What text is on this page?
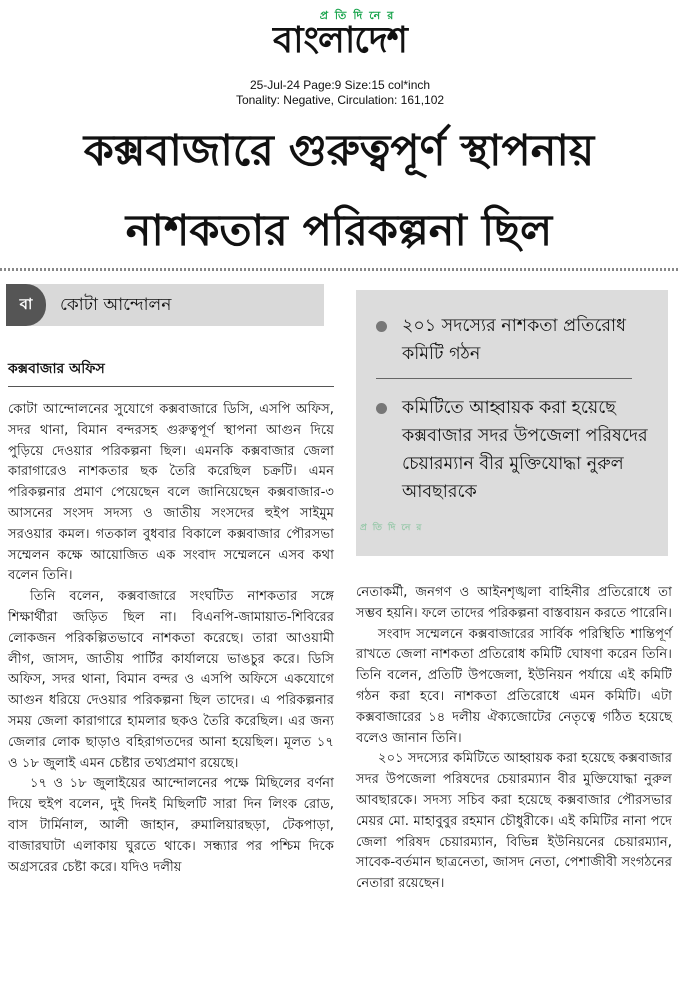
প্রতিদিনের
বাংলাদেশ
25-Jul-24 Page:9 Size:15 col*inch
Tonality: Negative, Circulation: 161,102
কক্সবাজারে গুরুত্বপূর্ণ স্থাপনায়
নাশকতার পরিকল্পনা ছিল
বা	কোটা আন্দোলন
কক্সবাজার অফিস

কোটা আন্দোলনের সুযোগে কক্সবাজারে ডিসি, এসপি অফিস, সদর থানা, বিমান বন্দরসহ গুরুত্বপূর্ণ স্থাপনা আগুন দিয়ে পুড়িয়ে দেওয়ার পরিকল্পনা ছিল। এমনকি কক্সবাজার জেলা কারাগারেও নাশকতার ছক তৈরি করেছিল চক্রটি। এমন পরিকল্পনার প্রমাণ পেয়েছেন বলে জানিয়েছেন কক্সবাজার-৩ আসনের সংসদ সদস্য ও জাতীয় সংসদের হুইপ সাইমুম সরওয়ার কমল। গতকাল বুধবার বিকালে কক্সবাজার পৌরসভা সম্মেলন কক্ষে আয়োজিত এক সংবাদ সম্মেলনে এসব কথা বলেন তিনি।

তিনি বলেন, কক্সবাজারে সংঘটিত নাশকতার সঙ্গে শিক্ষার্থীরা জড়িত ছিল না। বিএনপি-জামায়াত-শিবিরের লোকজন পরিকল্পিতভাবে নাশকতা করেছে। তারা আওয়ামী লীগ, জাসদ, জাতীয় পার্টির কার্যালয়ে ভাঙচুর করে। ডিসি অফিস, সদর থানা, বিমান বন্দর ও এসপি অফিসে একযোগে আগুন ধরিয়ে দেওয়ার পরিকল্পনা ছিল তাদের। এ পরিকল্পনার সময় জেলা কারাগারে হামলার ছকও তৈরি করেছিল। এর জন্য জেলার লোক ছাড়াও বহিরাগতদের আনা হয়েছিল। মূলত ১৭ ও ১৮ জুলাই এমন চেষ্টার তথ্যপ্রমাণ রয়েছে।

১৭ ও ১৮ জুলাইয়ের আন্দোলনের পক্ষে মিছিলের বর্ণনা দিয়ে হুইপ বলেন, দুই দিনই মিছিলটি সারা দিন লিংক রোড, বাস টার্মিনাল, আলী জাহান, রুমালিয়ারছড়া, টেকপাড়া, বাজারঘাটা এলাকায় ঘুরতে থাকে। সন্ধ্যার পর পশ্চিম দিকে অগ্রসরের চেষ্টা করে। যদিও দলীয়

২০১ সদস্যের নাশকতা প্রতিরোধ কমিটি গঠন
কমিটিতে আহ্বায়ক করা হয়েছে কক্সবাজার সদর উপজেলা পরিষদের চেয়ারম্যান বীর মুক্তিযোদ্ধা নুরুল আবছারকে
প্রতিদিনের

নেতাকর্মী, জনগণ ও আইনশৃঙ্খলা বাহিনীর প্রতিরোধে তা সম্ভব হয়নি। ফলে তাদের পরিকল্পনা বাস্তবায়ন করতে পারেনি।

সংবাদ সম্মেলনে কক্সবাজারের সার্বিক পরিস্থিতি শান্তিপূর্ণ রাখতে জেলা নাশকতা প্রতিরোধ কমিটি ঘোষণা করেন তিনি। তিনি বলেন, প্রতিটি উপজেলা, ইউনিয়ন পর্যায়ে এই কমিটি গঠন করা হবে। নাশকতা প্রতিরোধে এমন কমিটি। এটা কক্সবাজারের ১৪ দলীয় ঐক্যজোটের নেতৃত্বে গঠিত হয়েছে বলেও জানান তিনি।

২০১ সদস্যের কমিটিতে আহ্বায়ক করা হয়েছে কক্সবাজার সদর উপজেলা পরিষদের চেয়ারম্যান বীর মুক্তিযোদ্ধা নুরুল আবছারকে। সদস্য সচিব করা হয়েছে কক্সবাজার পৌরসভার মেয়র মো. মাহাবুবুর রহমান চৌধুরীকে। এই কমিটির নানা পদে জেলা পরিষদ চেয়ারম্যান, বিভিন্ন ইউনিয়নের চেয়ারম্যান, সাবেক-বর্তমান ছাত্রনেতা, জাসদ নেতা, পেশাজীবী সংগঠনের নেতারা রয়েছেন।
